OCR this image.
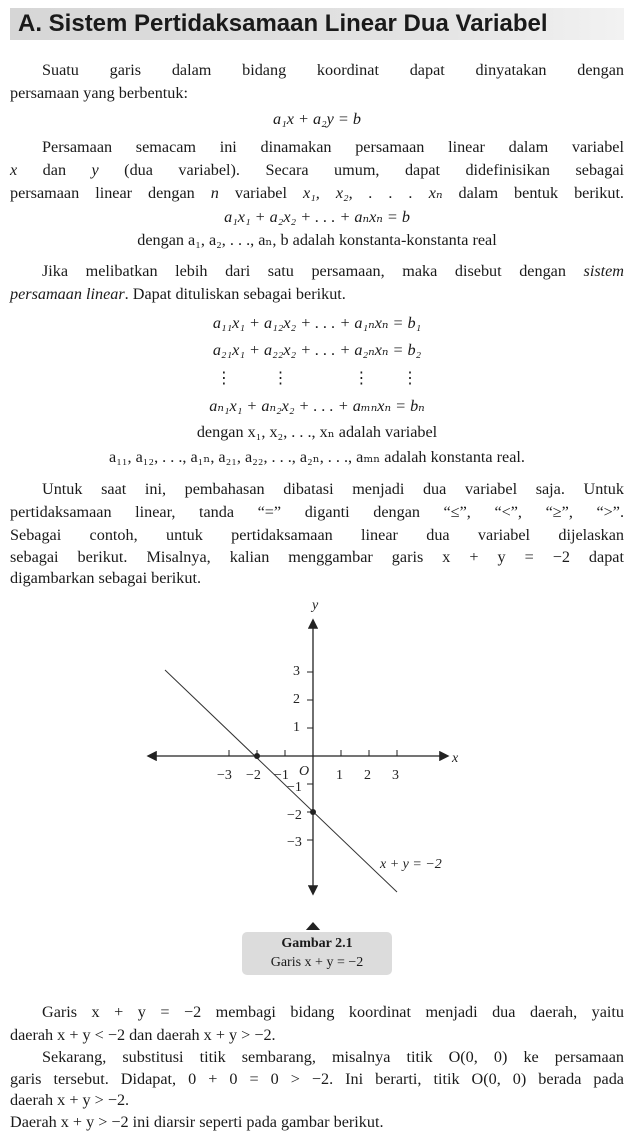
A. Sistem Pertidaksamaan Linear Dua Variabel
Suatu garis dalam bidang koordinat dapat dinyatakan dengan
persamaan yang berbentuk:
a₁x + a₂y = b
Persamaan semacam ini dinamakan persamaan linear dalam variabel
x dan y (dua variabel). Secara umum, dapat didefinisikan sebagai
persamaan linear dengan n variabel x₁, x₂, . . . xₙ dalam bentuk berikut.
a₁x₁ + a₂x₂ + . . . + aₙxₙ = b
dengan a₁, a₂, . . ., aₙ, b adalah konstanta-konstanta real
Jika melibatkan lebih dari satu persamaan, maka disebut dengan sistem
persamaan linear. Dapat dituliskan sebagai berikut.
a₁₁x₁ + a₁₂x₂ + . . . + a₁ₙxₙ = b₁
a₂₁x₁ + a₂₂x₂ + . . . + a₂ₙxₙ = b₂
⋮          ⋮                ⋮        ⋮
aₙ₁x₁ + aₙ₂x₂ + . . . + aₘₙxₙ = bₙ
dengan x₁, x₂, . . ., xₙ adalah variabel
a₁₁, a₁₂, . . ., a₁ₙ, a₂₁, a₂₂, . . ., a₂ₙ, . . ., aₘₙ adalah konstanta real.
Untuk saat ini, pembahasan dibatasi menjadi dua variabel saja. Untuk
pertidaksamaan linear, tanda “=” diganti dengan “≤”, “<”, “≥”, “>”.
Sebagai contoh, untuk pertidaksamaan linear dua variabel dijelaskan
sebagai berikut. Misalnya, kalian menggambar garis x + y = −2 dapat
digambarkan sebagai berikut.
y
x
O
−3 −2 −1	1 2 3
3
2
1
−1
−2
−3
x + y = −2
Gambar 2.1
Garis x + y = −2
Garis x + y = −2 membagi bidang koordinat menjadi dua daerah, yaitu
daerah x + y < −2 dan daerah x + y > −2.
Sekarang, substitusi titik sembarang, misalnya titik O(0, 0) ke persamaan
garis tersebut. Didapat, 0 + 0 = 0 > −2. Ini berarti, titik O(0, 0) berada pada
daerah x + y > −2.
Daerah x + y > −2 ini diarsir seperti pada gambar berikut.
